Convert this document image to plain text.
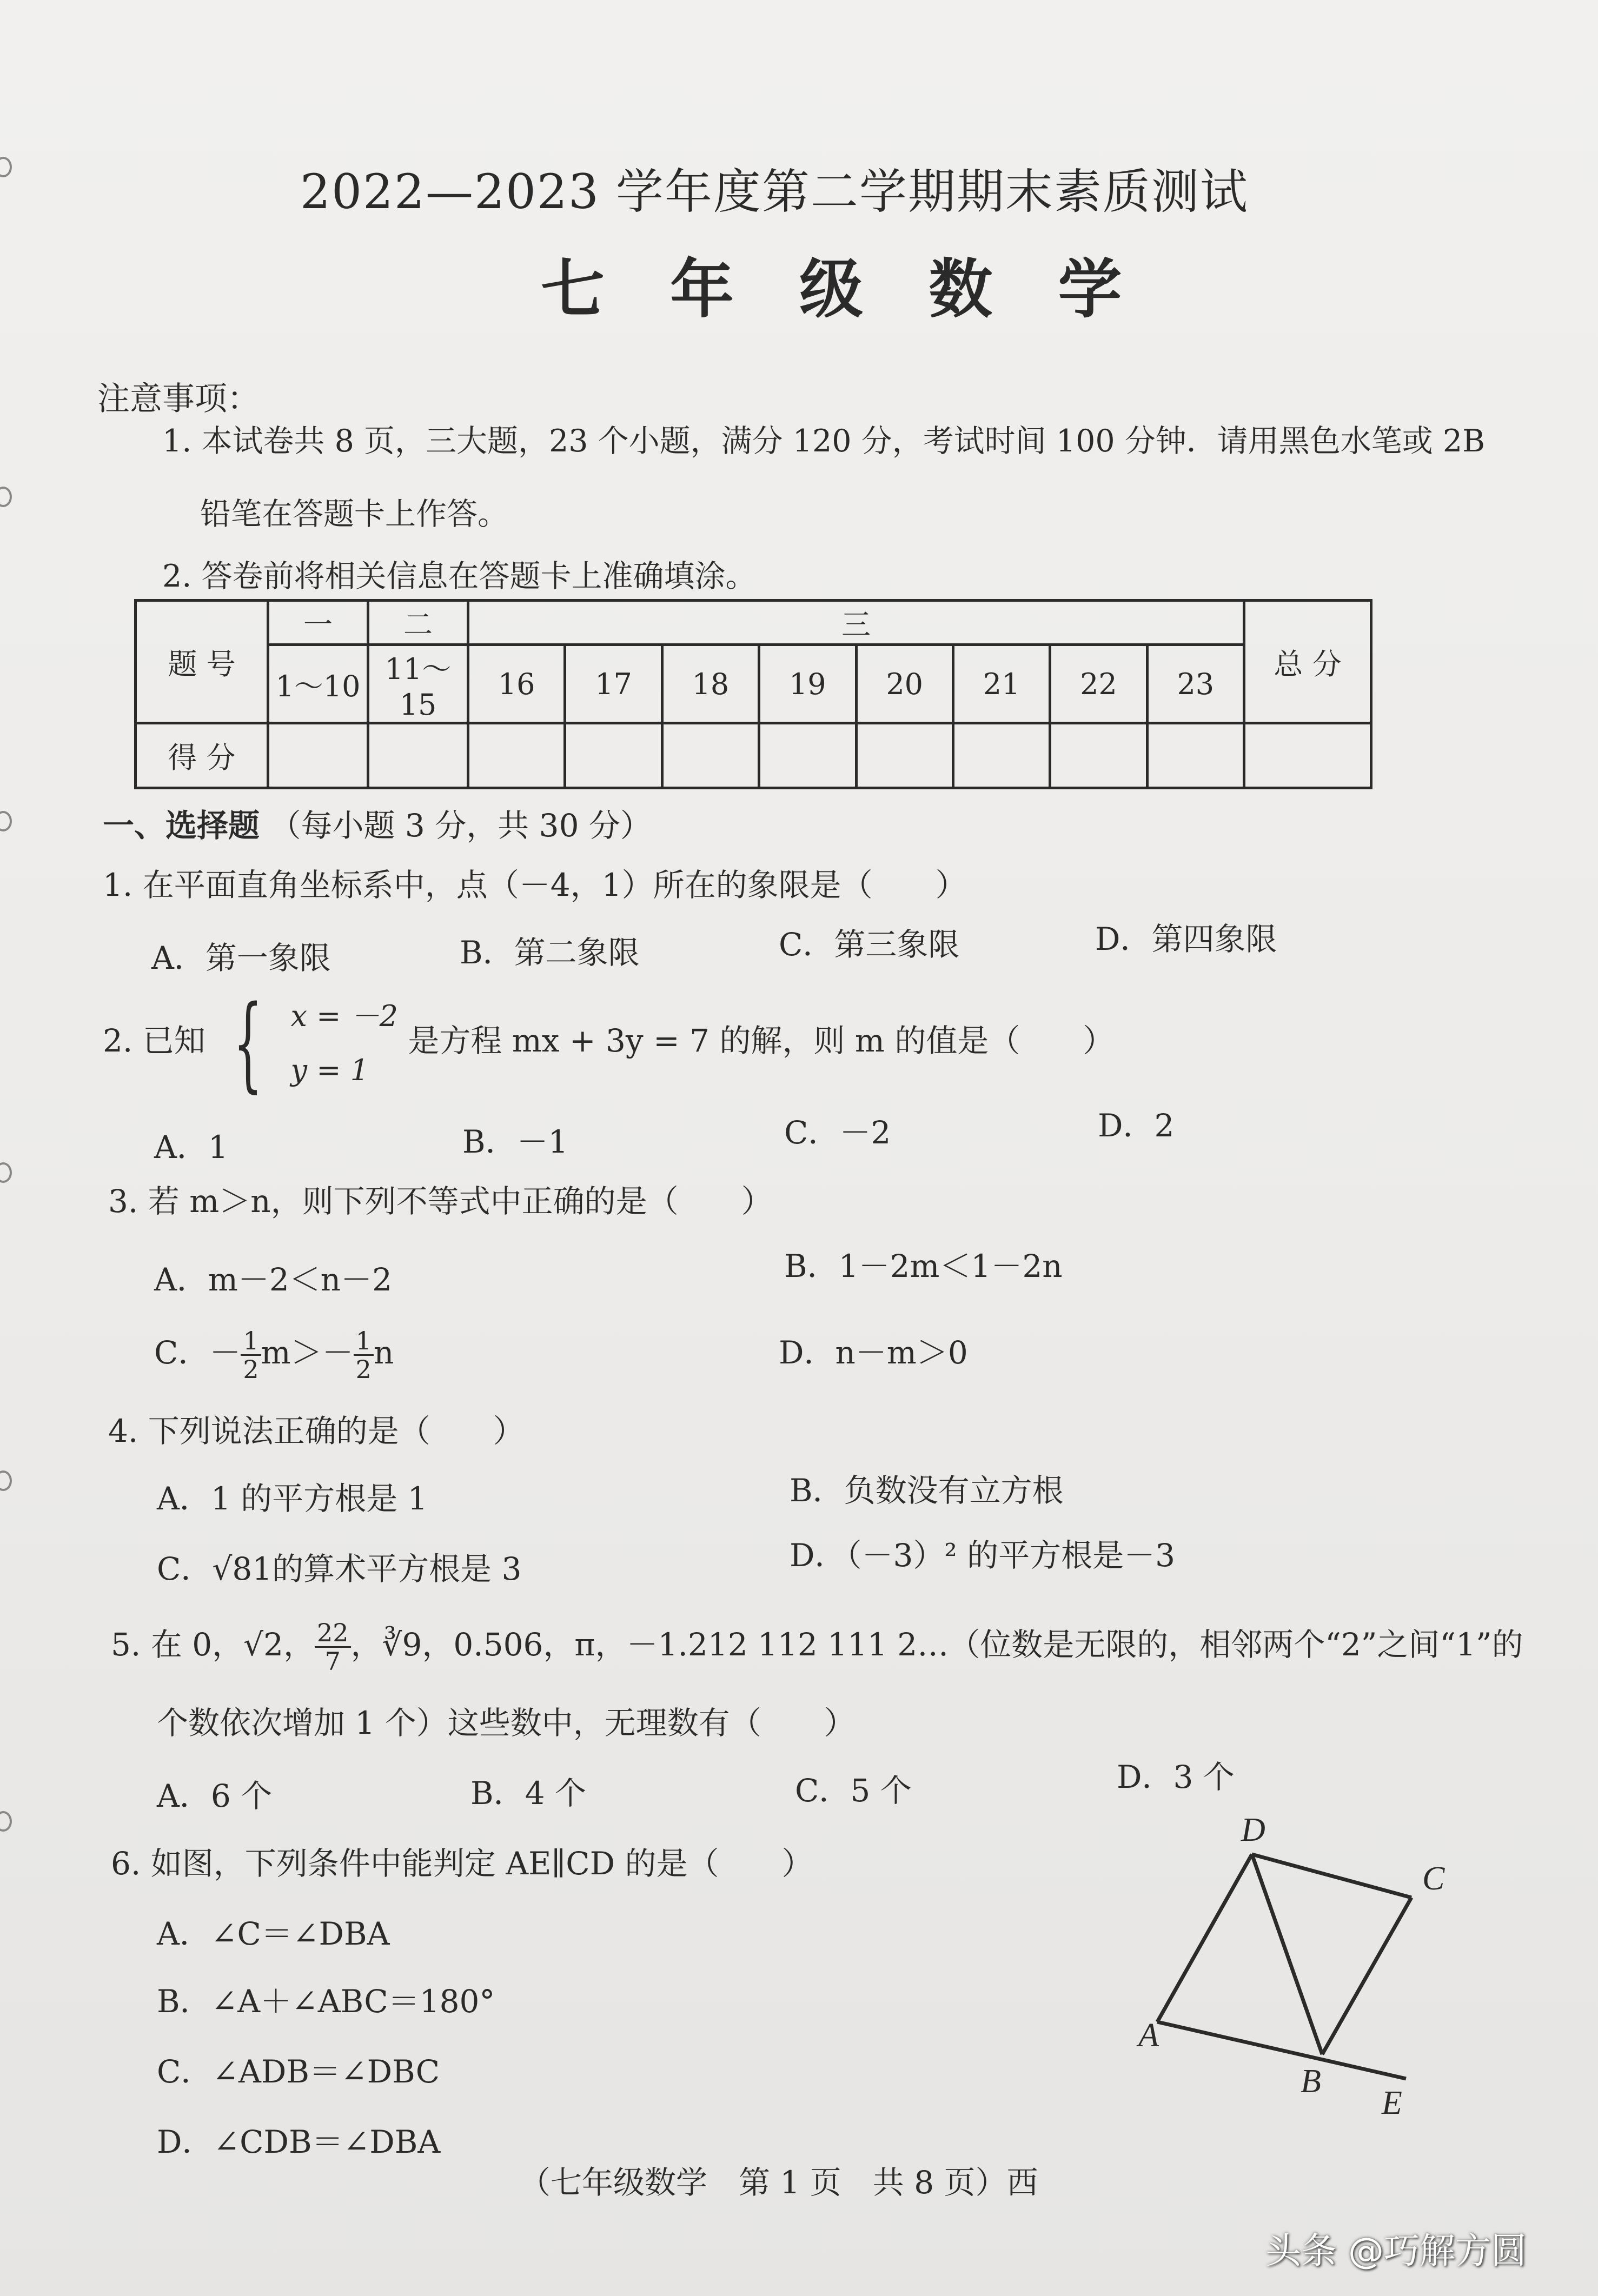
2022—2023 学年度第二学期期末素质测试
七 年 级 数 学
注意事项：
1. 本试卷共 8 页，三大题，23 个小题，满分 120 分，考试时间 100 分钟．请用黑色水笔或 2B
铅笔在答题卡上作答。
2. 答卷前将相关信息在答题卡上准确填涂。
题 号	一	二	三								总 分
	1～10	11～15	16	17	18	19	20	21	22	23	
得 分											
一、选择题 （每小题 3 分，共 30 分）
1. 在平面直角坐标系中，点（－4，1）所在的象限是（　　）
A．第一象限	B．第二象限	C．第三象限	D．第四象限
2. 已知 { x = －2
y = 1
是方程 mx + 3y = 7 的解，则 m 的值是（　　）
A．1	B．－1	C．－2	D．2
3. 若 m＞n，则下列不等式中正确的是（　　）
A．m－2＜n－2	B．1－2m＜1－2n
C．－ $\frac{1}{2} m>- \frac{1}{2}$ n	D．n－m＞0
4. 下列说法正确的是（　　）
A．1 的平方根是 1	B．负数没有立方根
C．√81的算术平方根是 3	D．（－3）² 的平方根是－3
5. 在 0，√2， $\frac{22}{7}$ ，∛9，0.506，π，－1.212 112 111 2…（位数是无限的，相邻两个“2”之间“1”的
个数依次增加 1 个）这些数中，无理数有（　　）
A．6 个	B．4 个	C．5 个	D．3 个
6. 如图，下列条件中能判定 AE∥CD 的是（　　）
A．∠C＝∠DBA
B．∠A＋∠ABC＝180°
C．∠ADB＝∠DBC
D．∠CDB＝∠DBA
D
C
A
B
E
（七年级数学　第 1 页　共 8 页）西
头条 @巧解方圆
